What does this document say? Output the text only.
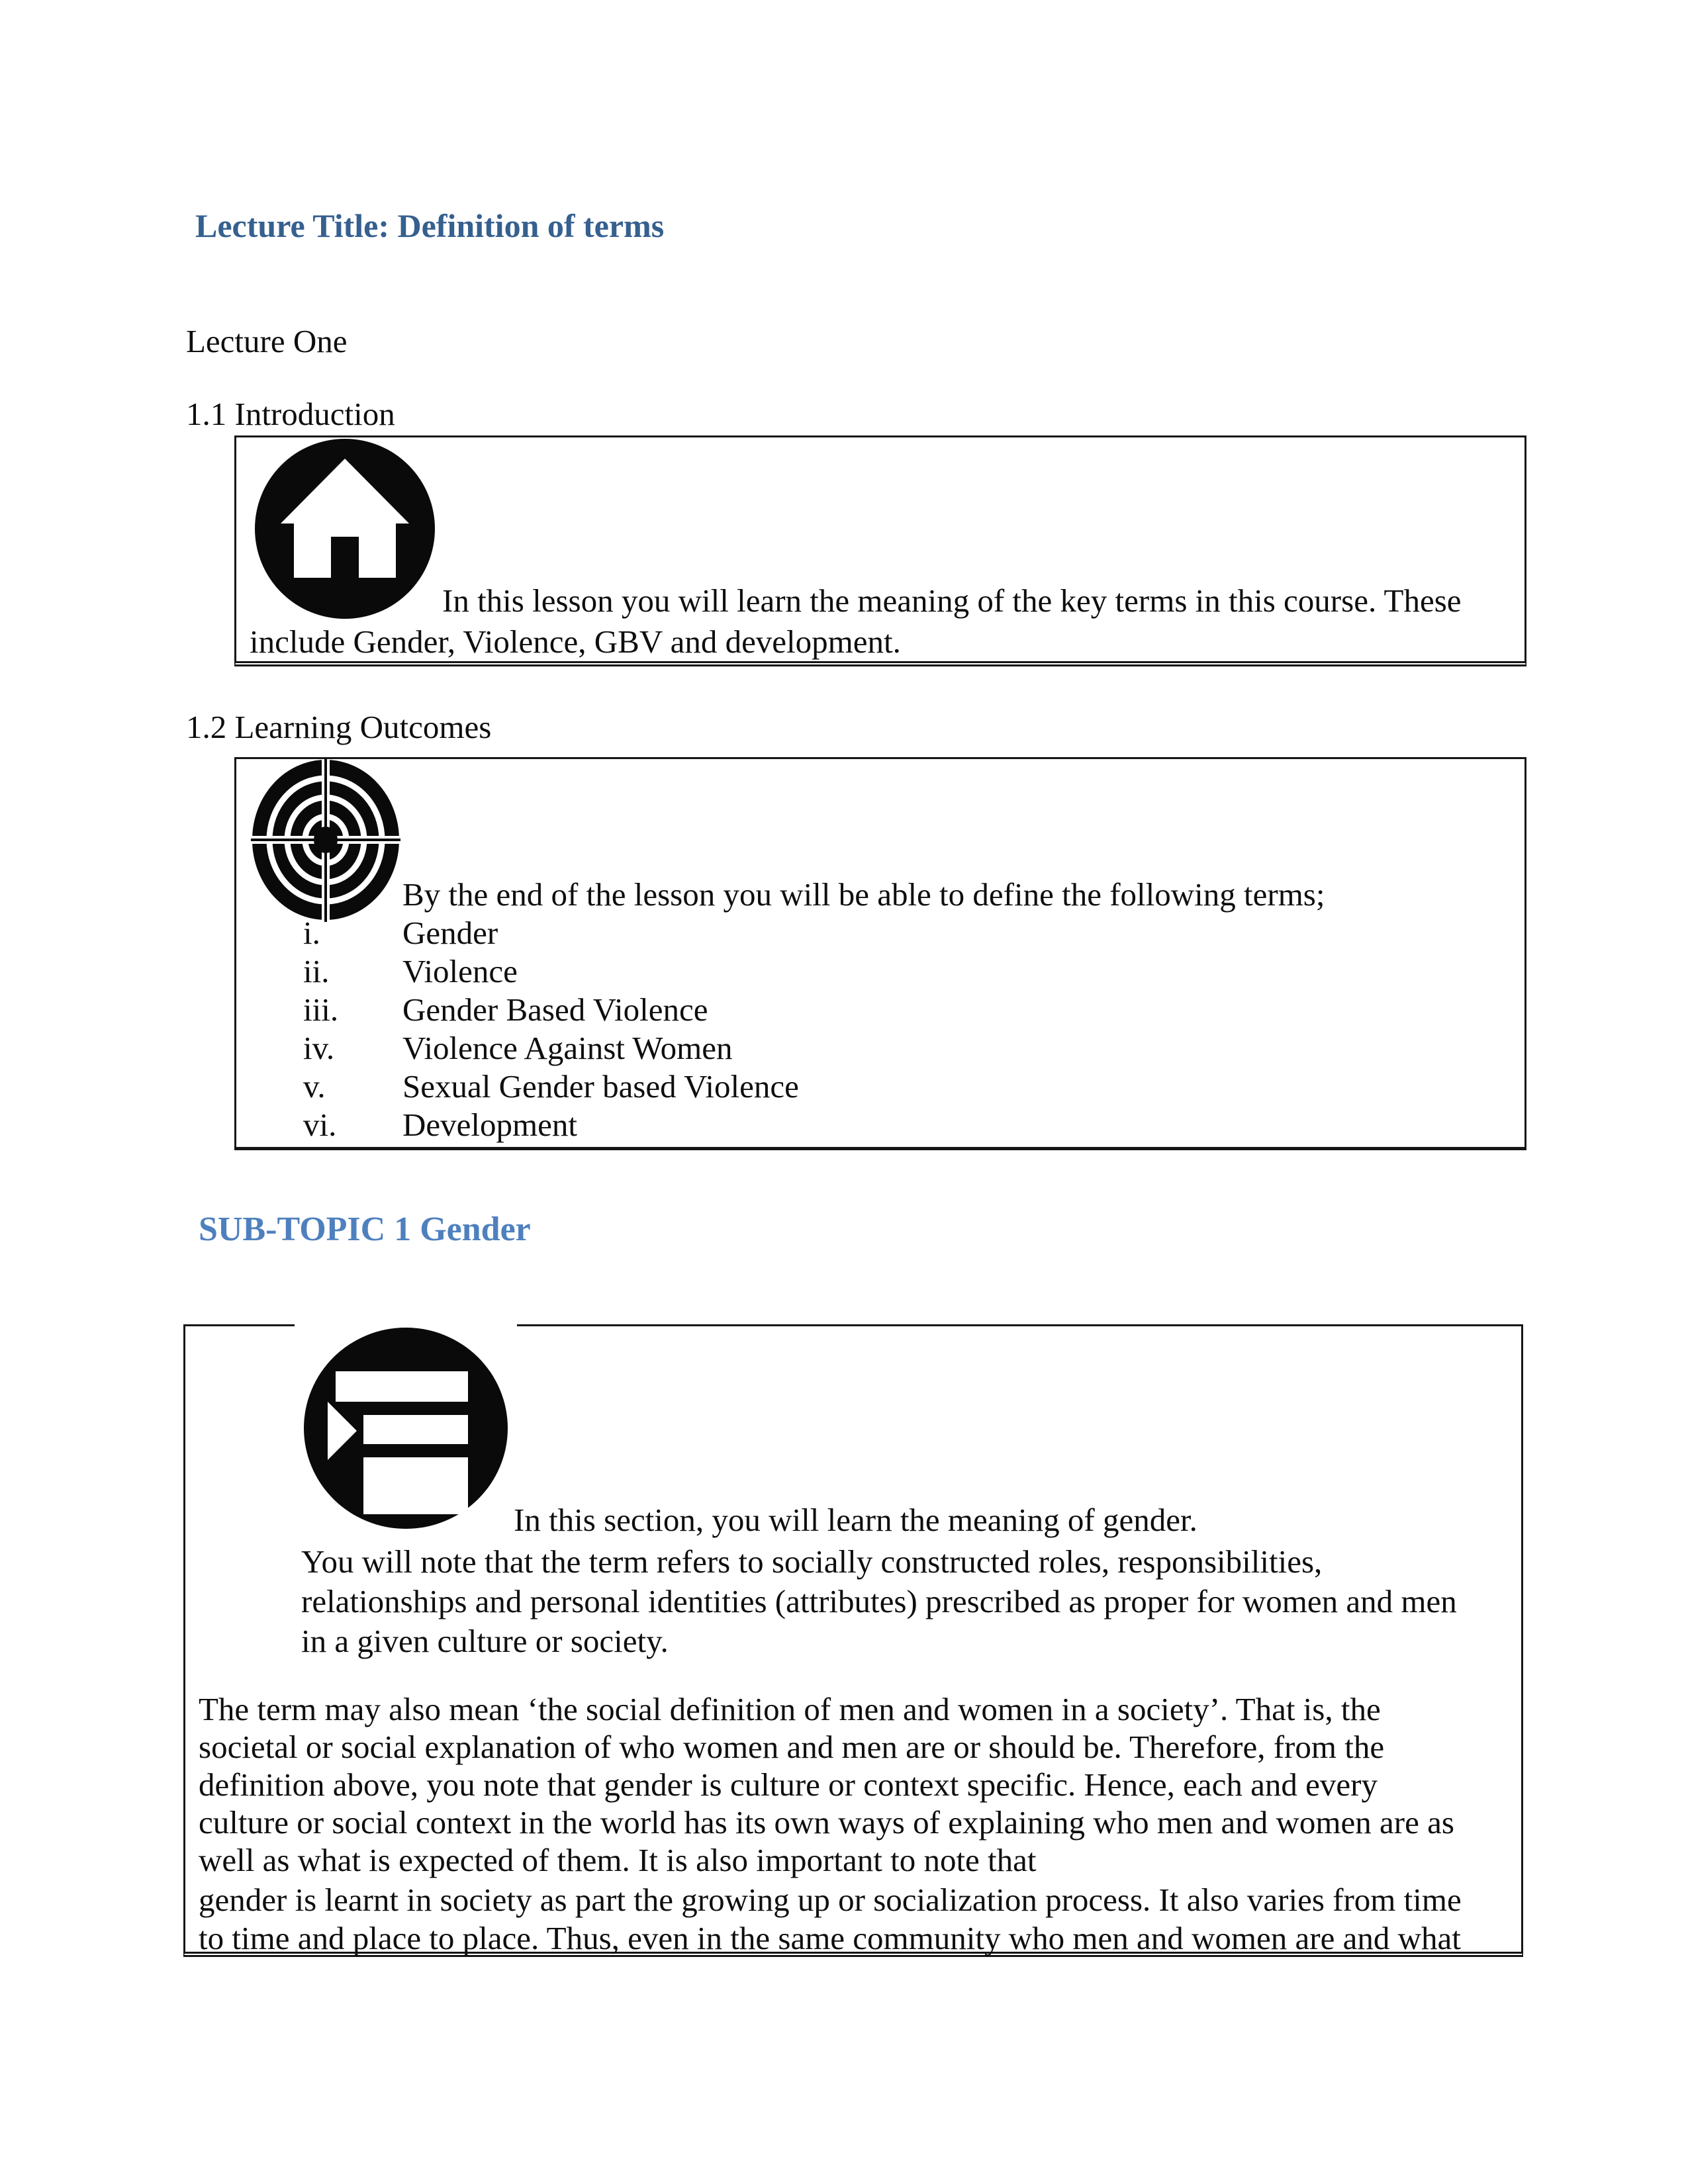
Lecture Title: Definition of terms
Lecture One
1.1 Introduction
In this lesson you will learn the meaning of the key terms in this course. These
include Gender, Violence, GBV and development.
1.2 Learning Outcomes
By the end of the lesson you will be able to define the following terms;
i.	Gender
ii. Violence
iii. Gender Based Violence
iv. Violence Against Women
v. Sexual Gender based Violence
vi. Development
SUB-TOPIC 1 Gender
In this section, you will learn the meaning of gender.
You will note that the term refers to socially constructed roles, responsibilities,
relationships and personal identities (attributes) prescribed as proper for women and men
in a given culture or society.
The term may also mean ‘the social definition of men and women in a society’. That is, the
societal or social explanation of who women and men are or should be. Therefore, from the
definition above, you note that gender is culture or context specific. Hence, each and every
culture or social context in the world has its own ways of explaining who men and women are as
well as what is expected of them. It is also important to note that
gender is learnt in society as part the growing up or socialization process. It also varies from time
to time and place to place. Thus, even in the same community who men and women are and what
